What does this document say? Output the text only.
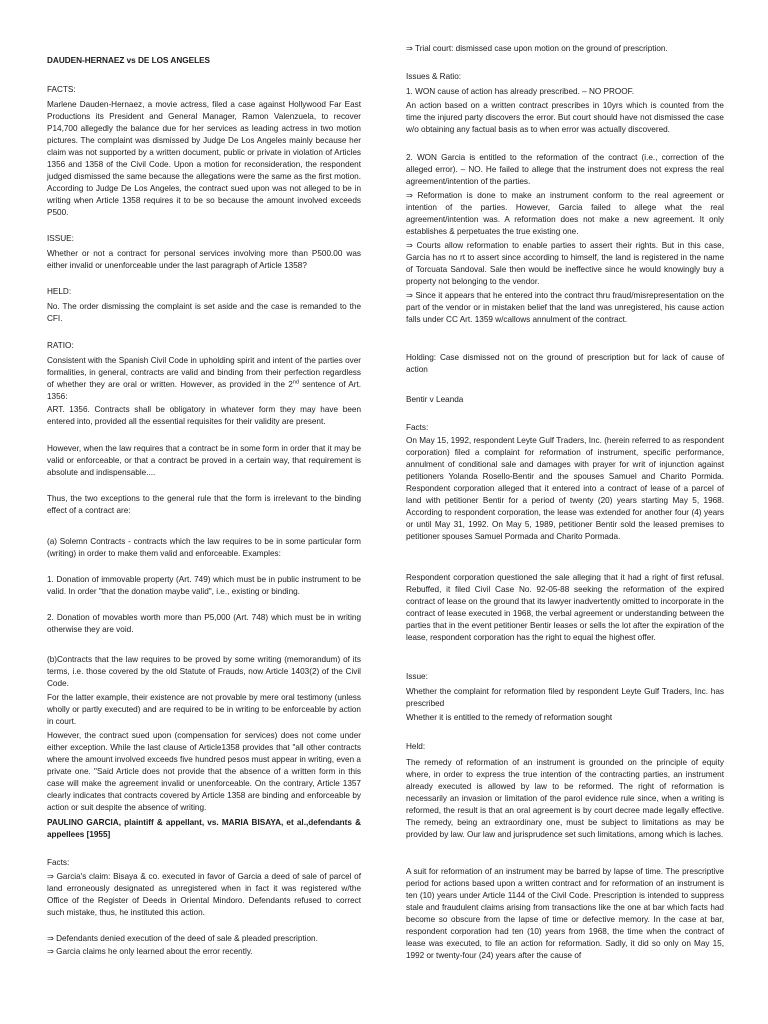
DAUDEN-HERNAEZ vs DE LOS ANGELES

FACTS:

Marlene Dauden-Hernaez, a movie actress, filed a case against Hollywood Far East Productions its President and General Manager, Ramon Valenzuela, to recover P14,700 allegedly the balance due for her services as leading actress in two motion pictures. The complaint was dismissed by Judge De Los Angeles mainly because her claim was not supported by a written document, public or private in violation of Articles 1356 and 1358 of the Civil Code. Upon a motion for reconsideration, the respondent judged dismissed the same because the allegations were the same as the first motion. According to Judge De Los Angeles, the contract sued upon was not alleged to be in writing when Article 1358 requires it to be so because the amount involved exceeds P500.

ISSUE:

Whether or not a contract for personal services involving more than P500.00 was either invalid or unenforceable under the last paragraph of Article 1358?

HELD:

No. The order dismissing the complaint is set aside and the case is remanded to the CFI.

RATIO:

Consistent with the Spanish Civil Code in upholding spirit and intent of the parties over formalities, in general, contracts are valid and binding from their perfection regardless of whether they are oral or written. However, as provided in the 2nd sentence of Art. 1356:

ART. 1356. Contracts shall be obligatory in whatever form they may have been entered into, provided all the essential requisites for their validity are present.

However, when the law requires that a contract be in some form in order that it may be valid or enforceable, or that a contract be proved in a certain way, that requirement is absolute and indispensable....

Thus, the two exceptions to the general rule that the form is irrelevant to the binding effect of a contract are:

(a) Solemn Contracts - contracts which the law requires to be in some particular form (writing) in order to make them valid and enforceable. Examples:

1. Donation of immovable property (Art. 749) which must be in public instrument to be valid. In order "that the donation maybe valid", i.e., existing or binding.

2. Donation of movables worth more than P5,000 (Art. 748) which must be in writing otherwise they are void.

(b)Contracts that the law requires to be proved by some writing (memorandum) of its terms, i.e. those covered by the old Statute of Frauds, now Article 1403(2) of the Civil Code.

For the latter example, their existence are not provable by mere oral testimony (unless wholly or partly executed) and are required to be in writing to be enforceable by action in court.

However, the contract sued upon (compensation for services) does not come under either exception. While the last clause of Article1358 provides that "all other contracts where the amount involved exceeds five hundred pesos must appear in writing, even a private one. "Said Article does not provide that the absence of a written form in this case will make the agreement invalid or unenforceable. On the contrary, Article 1357 clearly indicates that contracts covered by Article 1358 are binding and enforceable by action or suit despite the absence of writing.

PAULINO GARCIA, plaintiff & appellant, vs. MARIA BISAYA, et al.,defendants & appellees [1955]

Facts:

⇒ Garcia's claim: Bisaya & co. executed in favor of Garcia a deed of sale of parcel of land erroneously designated as unregistered when in fact it was registered w/the Office of the Register of Deeds in Oriental Mindoro. Defendants refused to correct such mistake, thus, he instituted this action.

⇒ Defendants denied execution of the deed of sale & pleaded prescription.

⇒ Garcia claims he only learned about the error recently.

⇒ Trial court: dismissed case upon motion on the ground of prescription.

Issues & Ratio:

1. WON cause of action has already prescribed. – NO PROOF.

An action based on a written contract prescribes in 10yrs which is counted from the time the injured party discovers the error. But court should have not dismissed the case w/o obtaining any factual basis as to when error was actually discovered.

2. WON Garcia is entitled to the reformation of the contract (i.e., correction of the alleged error). – NO. He failed to allege that the instrument does not express the real agreement/intention of the parties.

⇒ Reformation is done to make an instrument conform to the real agreement or intention of the parties. However, Garcia failed to allege what the real agreement/intention was. A reformation does not make a new agreement. It only establishes & perpetuates the true existing one.

⇒ Courts allow reformation to enable parties to assert their rights. But in this case, Garcia has no rt to assert since according to himself, the land is registered in the name of Torcuata Sandoval. Sale then would be ineffective since he would knowingly buy a property not belonging to the vendor.

⇒ Since it appears that he entered into the contract thru fraud/misrepresentation on the part of the vendor or in mistaken belief that the land was unregistered, his cause action falls under CC Art. 1359 w/callows annulment of the contract.

Holding: Case dismissed not on the ground of prescription but for lack of cause of action

Bentir v Leanda

Facts:

On May 15, 1992, respondent Leyte Gulf Traders, Inc. (herein referred to as respondent corporation) filed a complaint for reformation of instrument, specific performance, annulment of conditional sale and damages with prayer for writ of injunction against petitioners Yolanda Rosello-Bentir and the spouses Samuel and Charito Pormida. Respondent corporation alleged that it entered into a contract of lease of a parcel of land with petitioner Bentir for a period of twenty (20) years starting May 5, 1968. According to respondent corporation, the lease was extended for another four (4) years or until May 31, 1992. On May 5, 1989, petitioner Bentir sold the leased premises to petitioner spouses Samuel Pormada and Charito Pormada.

Respondent corporation questioned the sale alleging that it had a right of first refusal. Rebuffed, it filed Civil Case No. 92-05-88 seeking the reformation of the expired contract of lease on the ground that its lawyer inadvertently omitted to incorporate in the contract of lease executed in 1968, the verbal agreement or understanding between the parties that in the event petitioner Bentir leases or sells the lot after the expiration of the lease, respondent corporation has the right to equal the highest offer.

Issue:

Whether the complaint for reformation filed by respondent Leyte Gulf Traders, Inc. has prescribed

Whether it is entitled to the remedy of reformation sought

Held:

The remedy of reformation of an instrument is grounded on the principle of equity where, in order to express the true intention of the contracting parties, an instrument already executed is allowed by law to be reformed. The right of reformation is necessarily an invasion or limitation of the parol evidence rule since, when a writing is reformed, the result is that an oral agreement is by court decree made legally effective. The remedy, being an extraordinary one, must be subject to limitations as may be provided by law. Our law and jurisprudence set such limitations, among which is laches.

A suit for reformation of an instrument may be barred by lapse of time. The prescriptive period for actions based upon a written contract and for reformation of an instrument is ten (10) years under Article 1144 of the Civil Code. Prescription is intended to suppress stale and fraudulent claims arising from transactions like the one at bar which facts had become so obscure from the lapse of time or defective memory. In the case at bar, respondent corporation had ten (10) years from 1968, the time when the contract of lease was executed, to file an action for reformation. Sadly, it did so only on May 15, 1992 or twenty-four (24) years after the cause of
